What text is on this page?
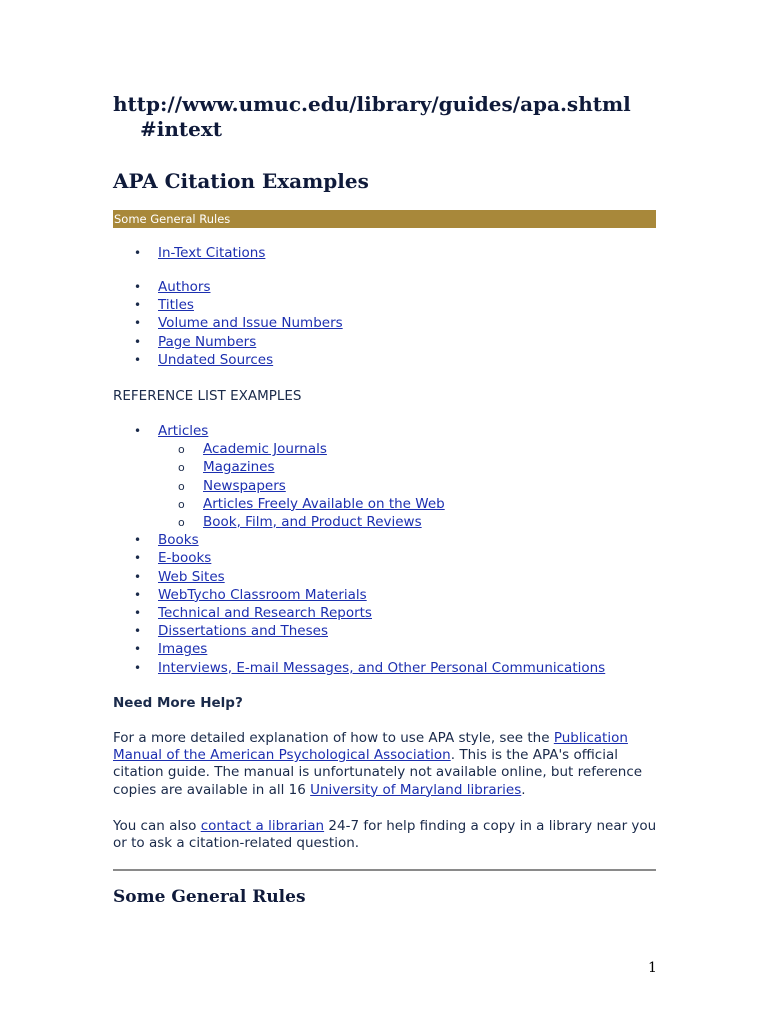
http://www.umuc.edu/library/guides/apa.shtml
#intext
APA Citation Examples
Some General Rules
• In-Text Citations
• Authors
• Titles
• Volume and Issue Numbers
• Page Numbers
• Undated Sources

REFERENCE LIST EXAMPLES

• Articles
o Academic Journals
o Magazines
o Newspapers
o Articles Freely Available on the Web
o Book, Film, and Product Reviews
• Books
• E-books
• Web Sites
• WebTycho Classroom Materials
• Technical and Research Reports
• Dissertations and Theses
• Images
• Interviews, E-mail Messages, and Other Personal Communications
Need More Help?

For a more detailed explanation of how to use APA style, see the Publication Manual of the American Psychological Association. This is the APA's official citation guide. The manual is unfortunately not available online, but reference copies are available in all 16 University of Maryland libraries.

You can also contact a librarian 24-7 for help finding a copy in a library near you or to ask a citation-related question.

Some General Rules
1
